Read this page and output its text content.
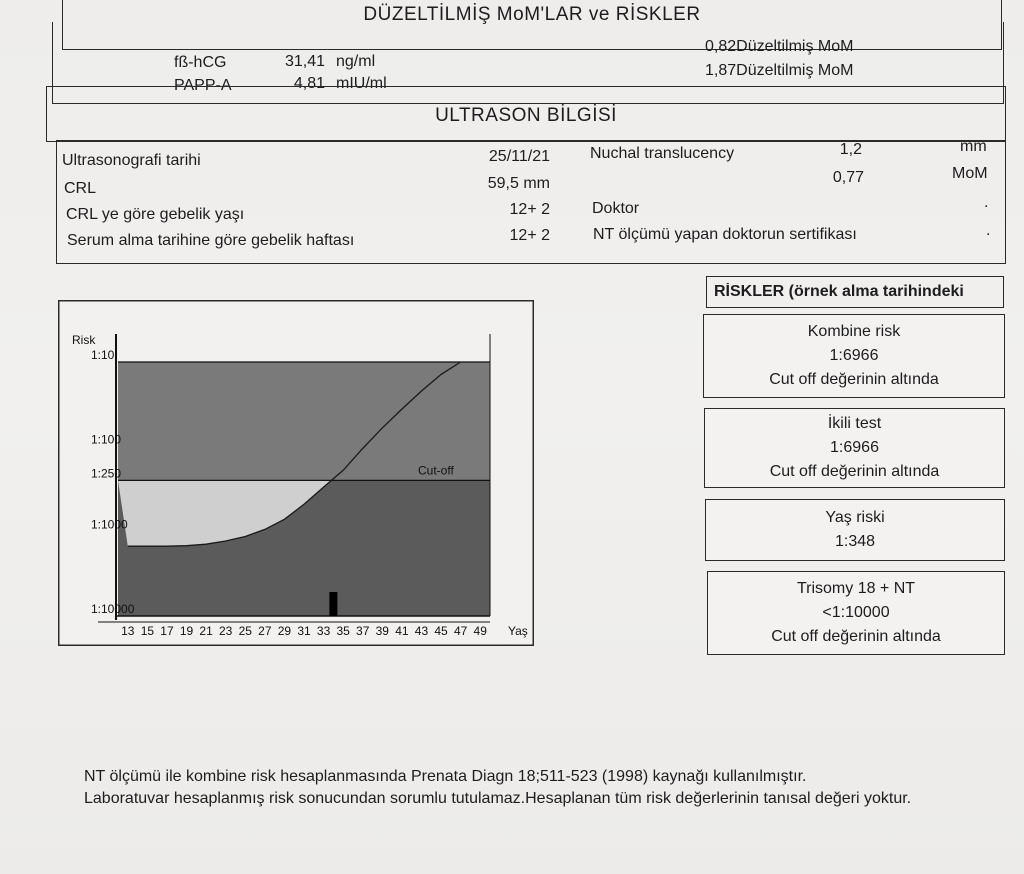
DÜZELTİLMİŞ MoM'LAR ve RİSKLER
fß-hCG	31,41 ng/ml
0,82Düzeltilmiş MoM
PAPP-A	4,81 mIU/ml
1,87Düzeltilmiş MoM
ULTRASON BİLGİSİ
Ultrasonografi tarihi	25/11/21
CRL	59,5 mm
CRL ye göre gebelik yaşı	12+ 2
Serum alma tarihine göre gebelik haftası	12+ 2
Nuchal translucency	1,2	mm
0,77	MoM
Doktor	.
NT ölçümü yapan doktorun sertifikası	.
RİSKLER (örnek alma tarihindeki
Kombine risk
1:6966
Cut off değerinin altında
İkili test
1:6966
Cut off değerinin altında
Yaş riski
1:348
Trisomy 18 + NT
<1:10000
Cut off değerinin altında
Cut-off
Risk
1:10
1:100
1:250
1:1000
1:10000
13 15 17 19 21 23 25 27 29 31 33 35 37 39 41 43 45 47 49 Yaş
NT ölçümü ile kombine risk hesaplanmasında Prenata Diagn 18;511-523 (1998) kaynağı kullanılmıştır.
Laboratuvar hesaplanmış risk sonucundan sorumlu tutulamaz.Hesaplanan tüm risk değerlerinin tanısal değeri yoktur.
